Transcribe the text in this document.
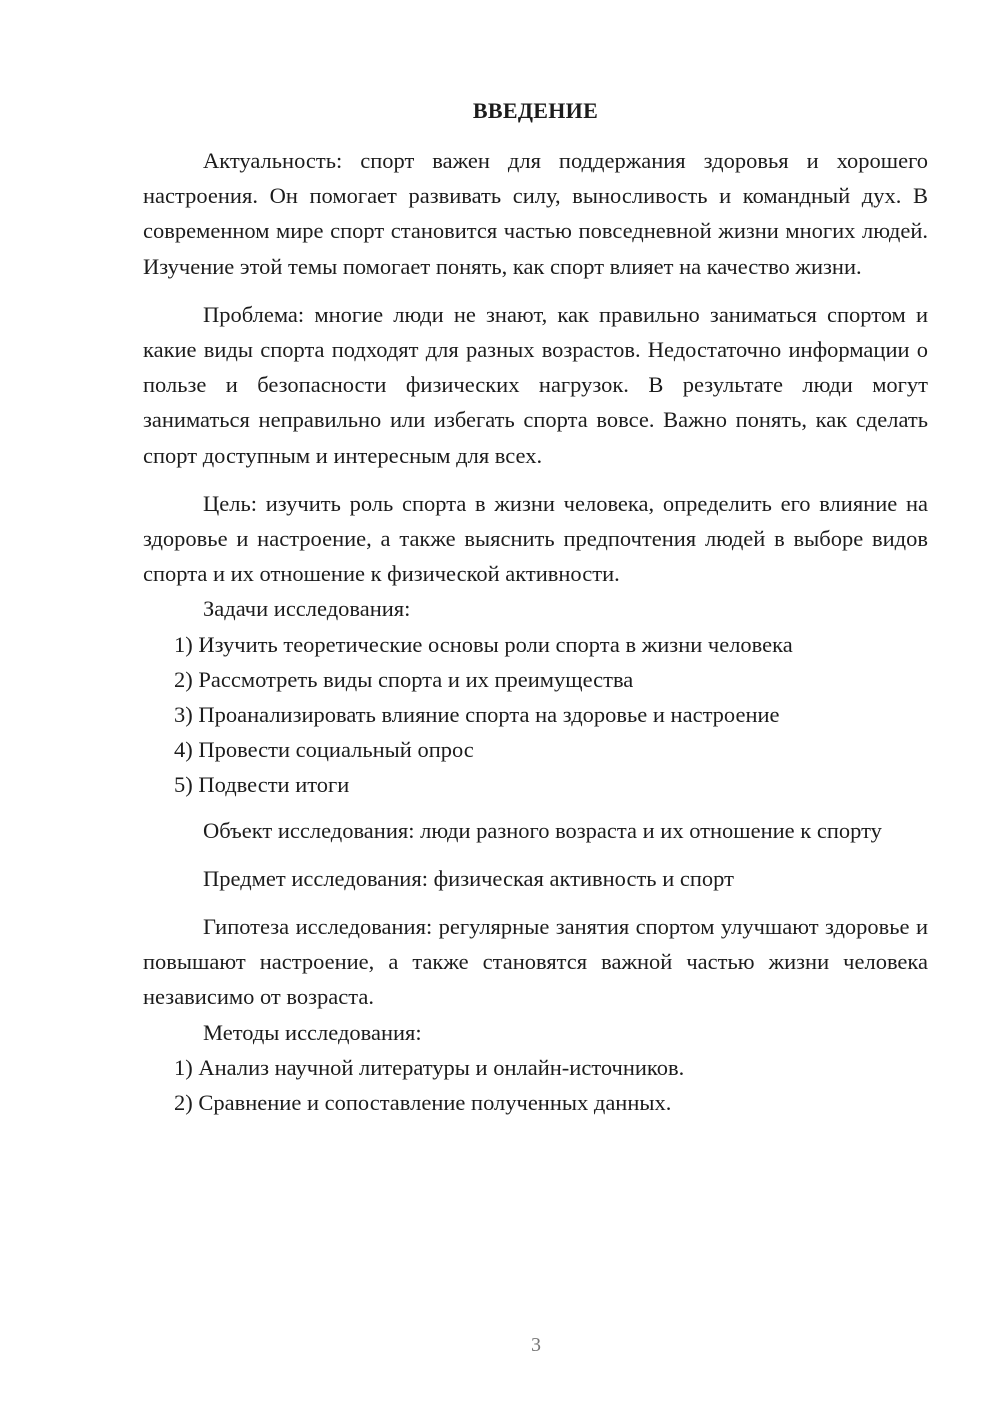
ВВЕДЕНИЕ

Актуальность: спорт важен для поддержания здоровья и хорошего настроения. Он помогает развивать силу, выносливость и командный дух. В современном мире спорт становится частью повседневной жизни многих людей. Изучение этой темы помогает понять, как спорт влияет на качество жизни.

Проблема: многие люди не знают, как правильно заниматься спортом и какие виды спорта подходят для разных возрастов. Недостаточно информации о пользе и безопасности физических нагрузок. В результате люди могут заниматься неправильно или избегать спорта вовсе. Важно понять, как сделать спорт доступным и интересным для всех.

Цель: изучить роль спорта в жизни человека, определить его влияние на здоровье и настроение, а также выяснить предпочтения людей в выборе видов спорта и их отношение к физической активности.

Задачи исследования:

1) Изучить теоретические основы роли спорта в жизни человека

2) Рассмотреть виды спорта и их преимущества

3) Проанализировать влияние спорта на здоровье и настроение

4) Провести социальный опрос

5) Подвести итоги

Объект исследования: люди разного возраста и их отношение к спорту

Предмет исследования: физическая активность и спорт

Гипотеза исследования: регулярные занятия спортом улучшают здоровье и повышают настроение, а также становятся важной частью жизни человека независимо от возраста.

Методы исследования:

1) Анализ научной литературы и онлайн-источников.

2) Сравнение и сопоставление полученных данных.

3
